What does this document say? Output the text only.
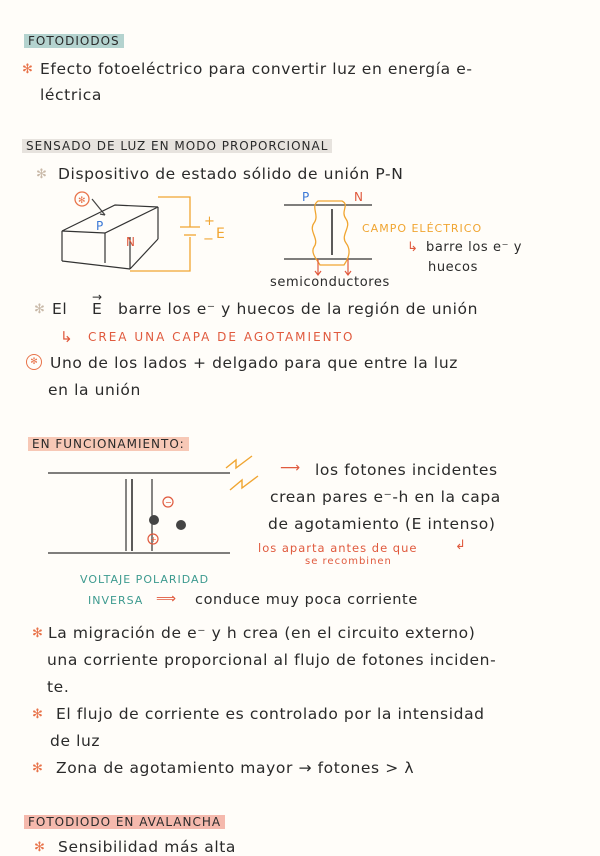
FOTODIODOS
✻ Efecto fotoeléctrico para convertir luz en energía e-
léctrica
SENSADO DE LUZ EN MODO PROPORCIONAL
✻ Dispositivo de estado sólido de unión P-N
✻
P
N
+
− E
P	N
CAMPO ELÉCTRICO
↳ barre los e⁻ y
huecos
semiconductores
✻ El
→
E barre los e⁻ y huecos de la región de unión
↳ CREA UNA CAPA DE AGOTAMIENTO
✻ Uno de los lados + delgado para que entre la luz
en la unión
EN FUNCIONAMIENTO:
−
+
⟶ los fotones incidentes
crean pares e⁻-h en la capa
de agotamiento (E intenso)
los aparta antes de que	↲
se recombinen
VOLTAJE POLARIDAD
INVERSA ⟹ conduce muy poca corriente
✻ La migración de e⁻ y h crea (en el circuito externo)
una corriente proporcional al flujo de fotones inciden-
te.
✻ El flujo de corriente es controlado por la intensidad
de luz
✻ Zona de agotamiento mayor → fotones > λ
FOTODIODO EN AVALANCHA
✻ Sensibilidad más alta
